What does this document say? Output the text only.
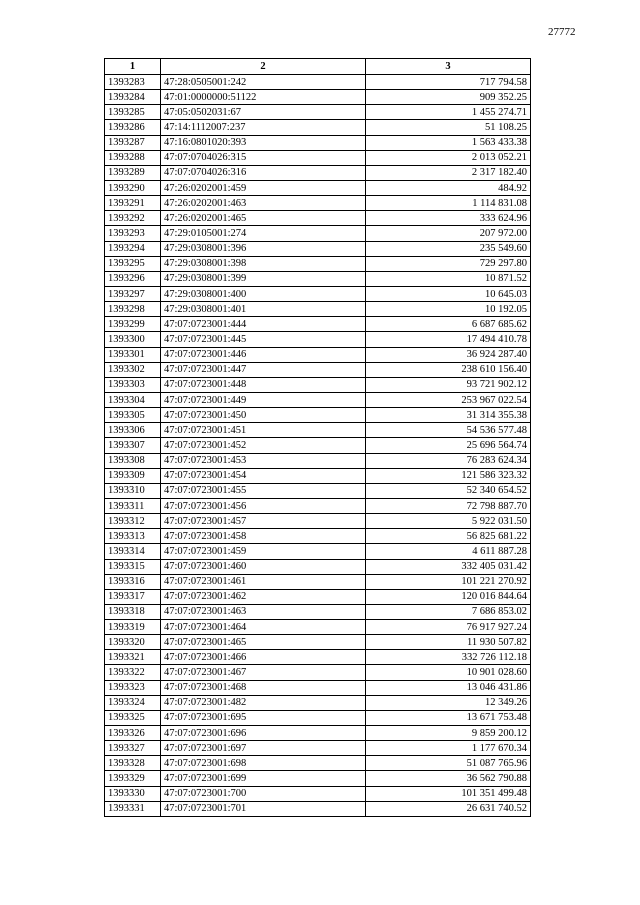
27772
1	2	3
1393283	47:28:0505001:242	717 794.58
1393284	47:01:0000000:51122	909 352.25
1393285	47:05:0502031:67	1 455 274.71
1393286	47:14:1112007:237	51 108.25
1393287	47:16:0801020:393	1 563 433.38
1393288	47:07:0704026:315	2 013 052.21
1393289	47:07:0704026:316	2 317 182.40
1393290	47:26:0202001:459	484.92
1393291	47:26:0202001:463	1 114 831.08
1393292	47:26:0202001:465	333 624.96
1393293	47:29:0105001:274	207 972.00
1393294	47:29:0308001:396	235 549.60
1393295	47:29:0308001:398	729 297.80
1393296	47:29:0308001:399	10 871.52
1393297	47:29:0308001:400	10 645.03
1393298	47:29:0308001:401	10 192.05
1393299	47:07:0723001:444	6 687 685.62
1393300	47:07:0723001:445	17 494 410.78
1393301	47:07:0723001:446	36 924 287.40
1393302	47:07:0723001:447	238 610 156.40
1393303	47:07:0723001:448	93 721 902.12
1393304	47:07:0723001:449	253 967 022.54
1393305	47:07:0723001:450	31 314 355.38
1393306	47:07:0723001:451	54 536 577.48
1393307	47:07:0723001:452	25 696 564.74
1393308	47:07:0723001:453	76 283 624.34
1393309	47:07:0723001:454	121 586 323.32
1393310	47:07:0723001:455	52 340 654.52
1393311	47:07:0723001:456	72 798 887.70
1393312	47:07:0723001:457	5 922 031.50
1393313	47:07:0723001:458	56 825 681.22
1393314	47:07:0723001:459	4 611 887.28
1393315	47:07:0723001:460	332 405 031.42
1393316	47:07:0723001:461	101 221 270.92
1393317	47:07:0723001:462	120 016 844.64
1393318	47:07:0723001:463	7 686 853.02
1393319	47:07:0723001:464	76 917 927.24
1393320	47:07:0723001:465	11 930 507.82
1393321	47:07:0723001:466	332 726 112.18
1393322	47:07:0723001:467	10 901 028.60
1393323	47:07:0723001:468	13 046 431.86
1393324	47:07:0723001:482	12 349.26
1393325	47:07:0723001:695	13 671 753.48
1393326	47:07:0723001:696	9 859 200.12
1393327	47:07:0723001:697	1 177 670.34
1393328	47:07:0723001:698	51 087 765.96
1393329	47:07:0723001:699	36 562 790.88
1393330	47:07:0723001:700	101 351 499.48
1393331	47:07:0723001:701	26 631 740.52
